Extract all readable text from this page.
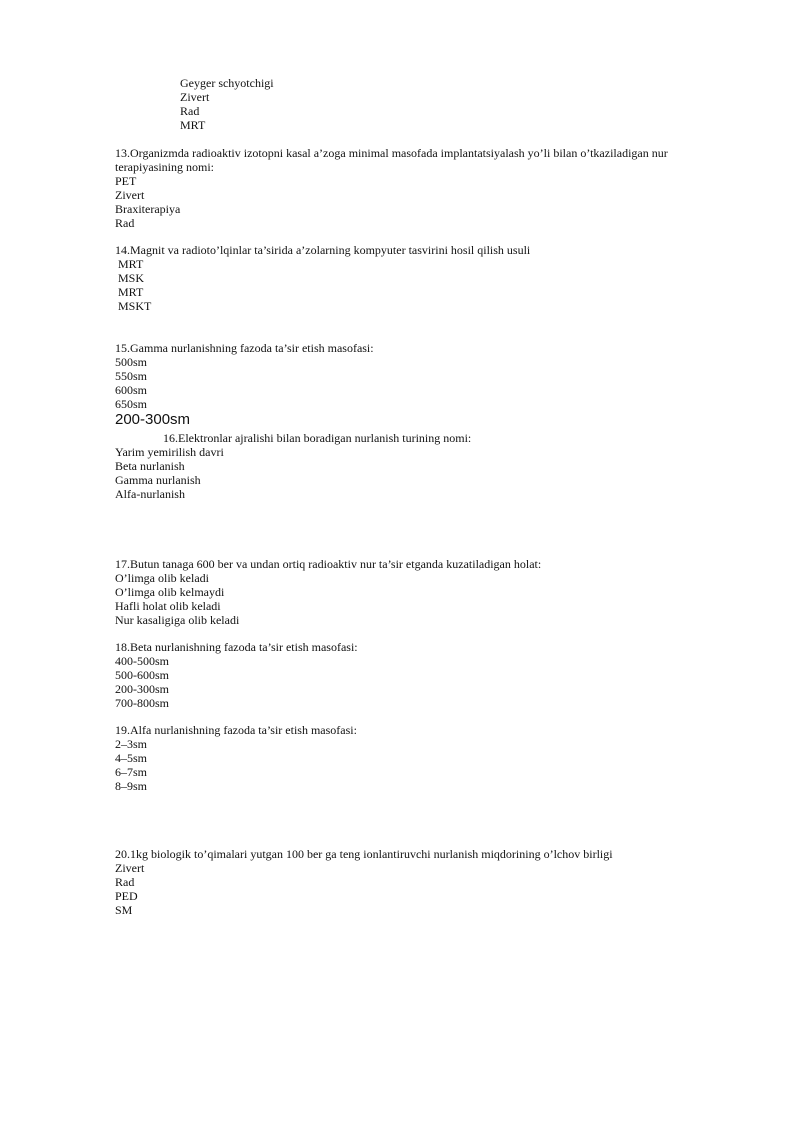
Geyger schyotchigi
Zivert
Rad
MRT
13.Organizmda radioaktiv izotopni kasal a’zoga minimal masofada implantatsiyalash yo’li bilan o’tkaziladigan nur terapiyasining nomi:
PET
Zivert
Braxiterapiya
Rad
14.Magnit va radioto’lqinlar ta’sirida a’zolarning kompyuter tasvirini hosil qilish usuli
MRT
MSK
MRT
MSKT
15.Gamma nurlanishning fazoda ta’sir etish masofasi:
500sm
550sm
600sm
650sm
200-300sm
16.Elektronlar ajralishi bilan boradigan nurlanish turining nomi:
Yarim yemirilish davri
Beta nurlanish
Gamma nurlanish
Alfa-nurlanish
17.Butun tanaga 600 ber va undan ortiq radioaktiv nur ta’sir etganda kuzatiladigan holat:
O’limga olib keladi
O’limga olib kelmaydi
Hafli holat olib keladi
Nur kasaligiga olib keladi
18.Beta nurlanishning fazoda ta’sir etish masofasi:
400-500sm
500-600sm
200-300sm
700-800sm
19.Alfa nurlanishning fazoda ta’sir etish masofasi:
2–3sm
4–5sm
6–7sm
8–9sm
20.1kg biologik to’qimalari yutgan 100 ber ga teng ionlantiruvchi nurlanish miqdorining o’lchov birligi
Zivert
Rad
PED
SM
